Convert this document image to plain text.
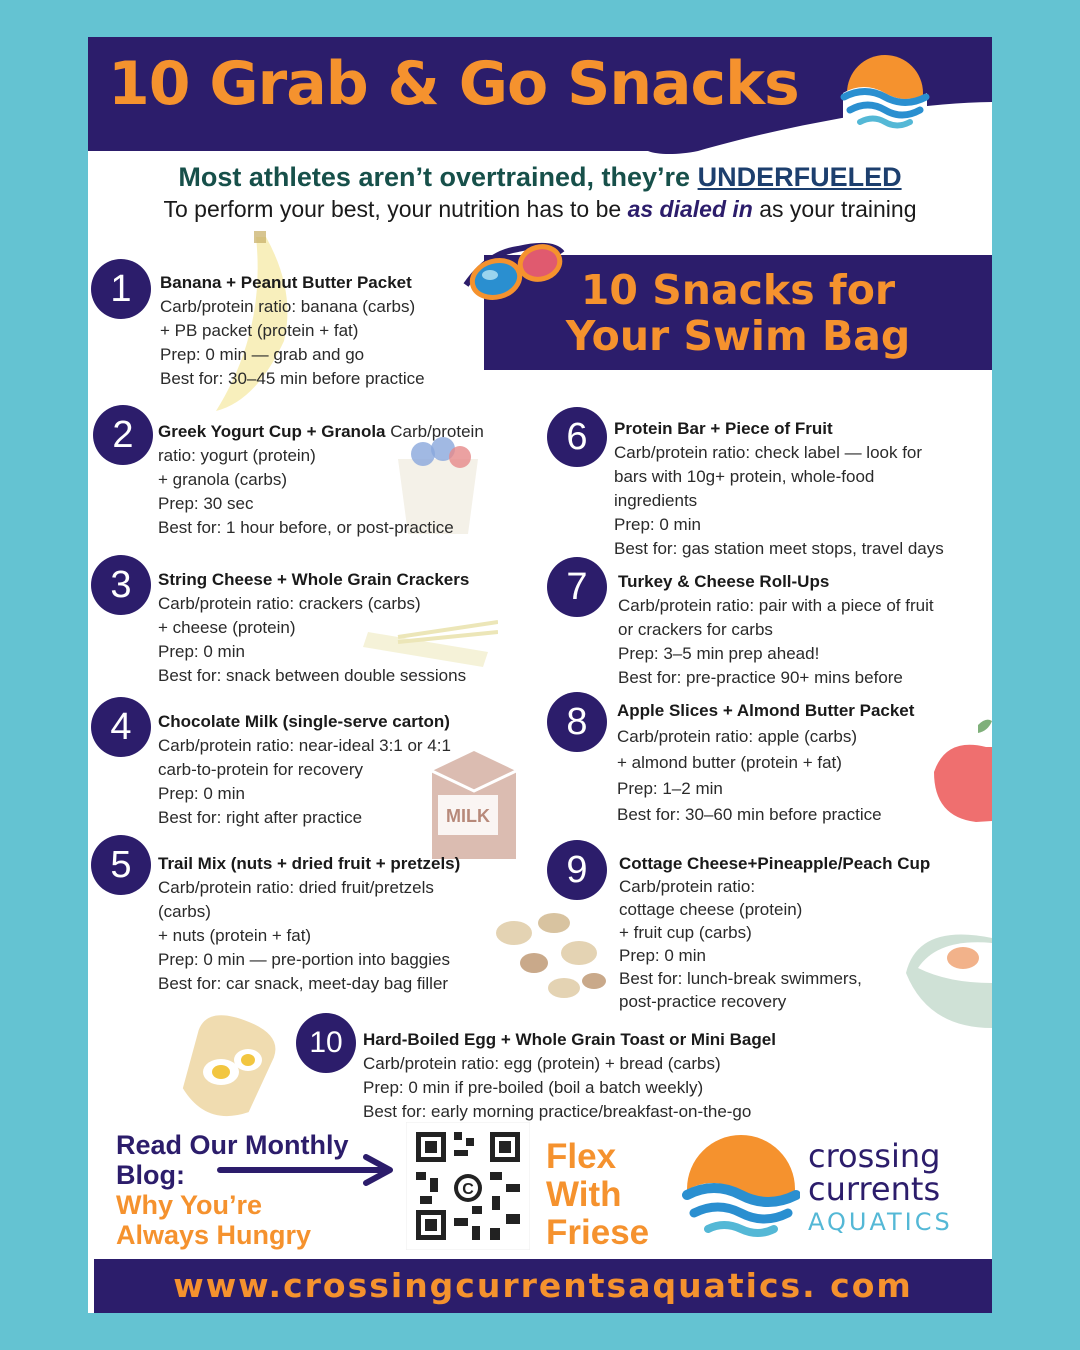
10 Grab & Go Snacks

Most athletes aren’t overtrained, they’re UNDERFUELED

To perform your best, your nutrition has to be as dialed in as your training

10 Snacks for
Your Swim Bag

MILK
1	Banana + Peanut Butter Packet
Carb/protein ratio: banana (carbs)
+ PB packet (protein + fat)
Prep: 0 min — grab and go
Best for: 30–45 min before practice
2	Greek Yogurt Cup + Granola Carb/protein
ratio: yogurt (protein)
+ granola (carbs)
Prep: 30 sec
Best for: 1 hour before, or post-practice
3	String Cheese + Whole Grain Crackers
Carb/protein ratio: crackers (carbs)
+ cheese (protein)
Prep: 0 min
Best for: snack between double sessions
4	Chocolate Milk (single-serve carton)
Carb/protein ratio: near-ideal 3:1 or 4:1
carb-to-protein for recovery
Prep: 0 min
Best for: right after practice
5	Trail Mix (nuts + dried fruit + pretzels)
Carb/protein ratio: dried fruit/pretzels
(carbs)
+ nuts (protein + fat)
Prep: 0 min — pre-portion into baggies
Best for: car snack, meet-day bag filler
6	Protein Bar + Piece of Fruit
Carb/protein ratio: check label — look for
bars with 10g+ protein, whole-food
ingredients
Prep: 0 min
Best for: gas station meet stops, travel days
7	Turkey & Cheese Roll-Ups
Carb/protein ratio: pair with a piece of fruit
or crackers for carbs
Prep: 3–5 min prep ahead!
Best for: pre-practice 90+ mins before
8	Apple Slices + Almond Butter Packet
Carb/protein ratio: apple (carbs)
+ almond butter (protein + fat)
Prep: 1–2 min
Best for: 30–60 min before practice
9	Cottage Cheese+Pineapple/Peach Cup
Carb/protein ratio:
cottage cheese (protein)
+ fruit cup (carbs)
Prep: 0 min
Best for: lunch-break swimmers,
post-practice recovery
10	Hard-Boiled Egg + Whole Grain Toast or Mini Bagel
Carb/protein ratio: egg (protein) + bread (carbs)
Prep: 0 min if pre-boiled (boil a batch weekly)
Best for: early morning practice/breakfast-on-the-go

Read Our Monthly
Blog:
Why You’re
Always Hungry

C

Flex
With
Friese

crossing
currents
AQUATICS
www.crossingcurrentsaquatics. com
